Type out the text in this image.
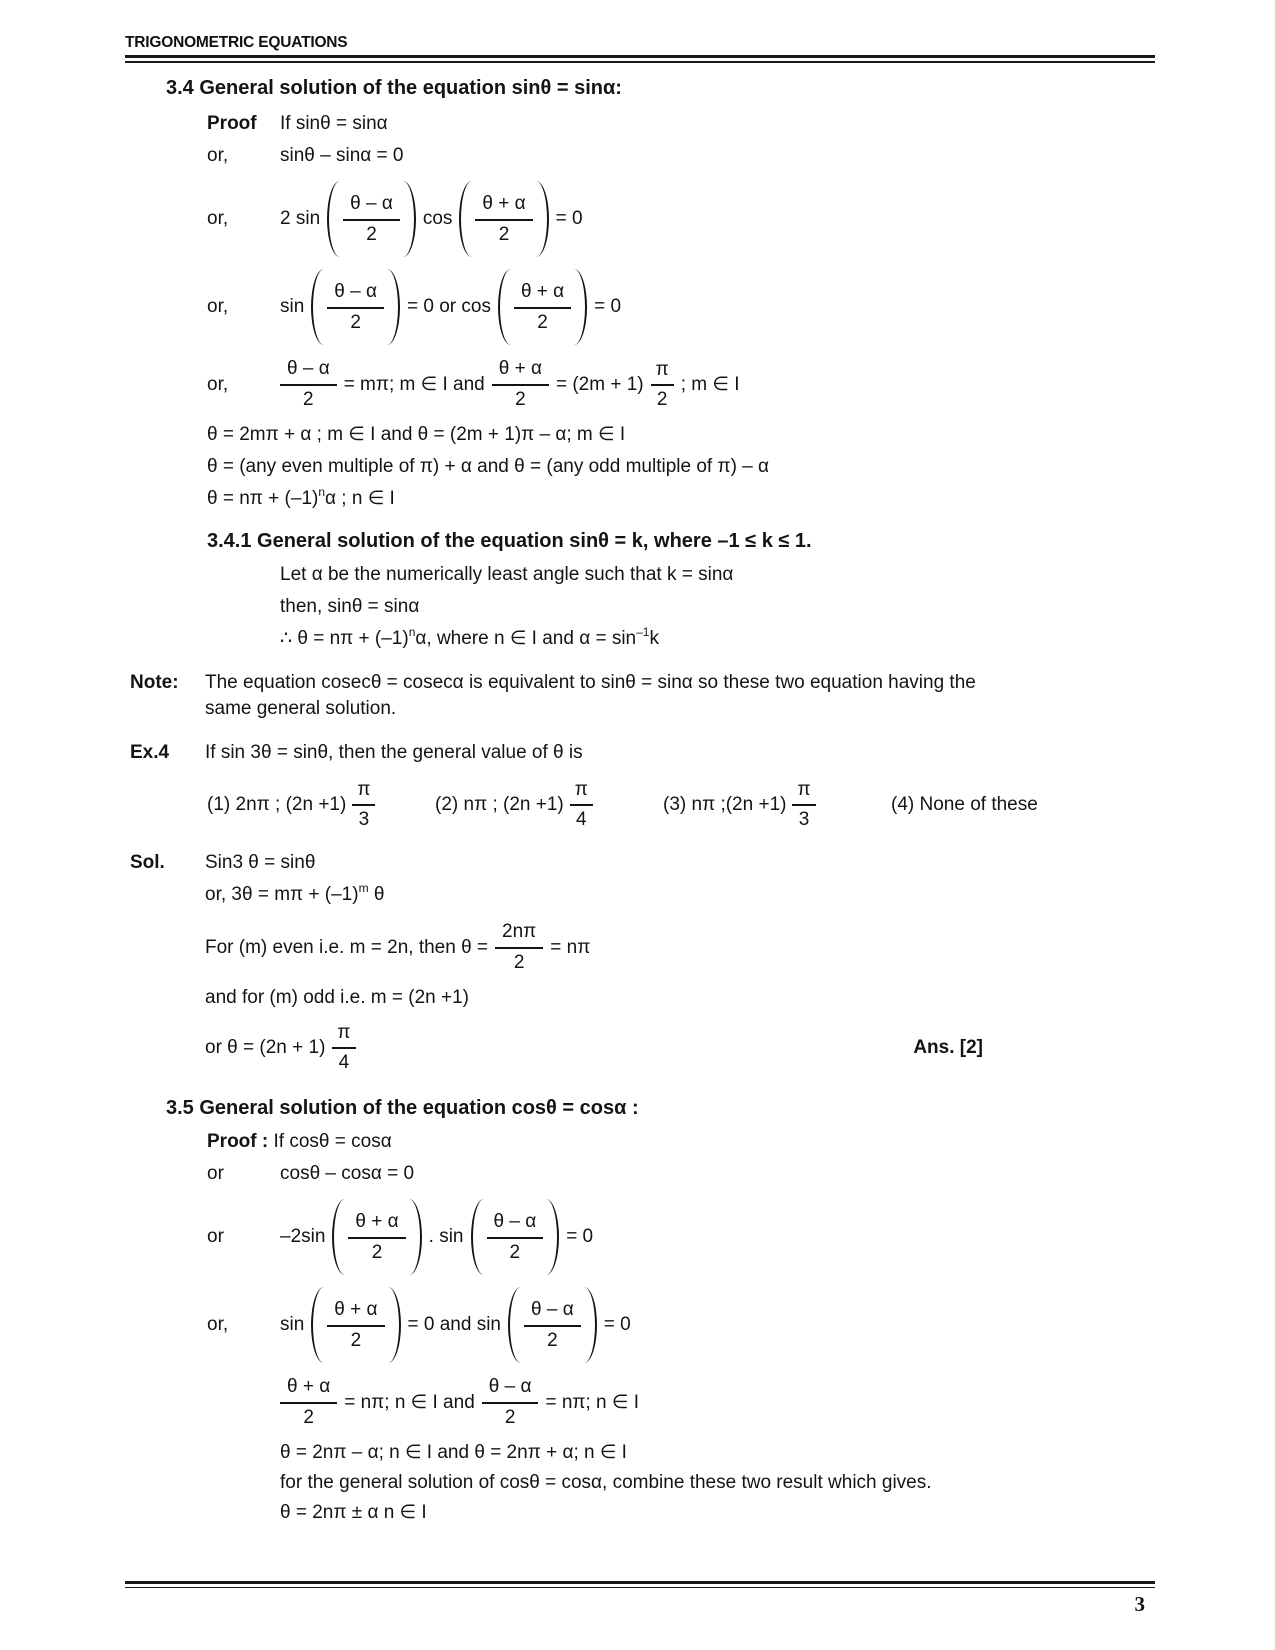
TRIGONOMETRIC EQUATIONS
3.4 General solution of the equation sinθ = sinα:
Proof	If sinθ = sinα
or,	sinθ – sinα = 0
or,	2 $\sin \frac{\theta - \alpha}{2}$ $\cos \frac{\theta + \alpha}{2} = 0$
or,	$\sin \frac{\theta - \alpha}{2} = 0$ or $\cos \frac{\theta + \alpha}{2} = 0$
or,	$\frac{\theta - \alpha}{2} = m\pi$; m ∈ I and $\frac{\theta + \alpha}{2} = (2m + 1) \frac{\pi}{2}$ ; m ∈ I
θ = 2mπ + α ; m ∈ I and θ = (2m + 1)π – α; m ∈ I
θ = (any even multiple of π) + α and θ = (any odd multiple of π) – α
$\theta = n\pi + (-1)^n\alpha$ ; n ∈ I
3.4.1 General solution of the equation sinθ = k, where –1 ≤ k ≤ 1.
Let α be the numerically least angle such that k = sinα
then, sinθ = sinα
∴ $\theta = n\pi + (-1)^n\alpha$, where n ∈ I and $\alpha = \sin^{-1}k$
Note:	The equation cosecθ = cosecα is equivalent to sinθ = sinα so these two equation having the
same general solution.
Ex.4	If sin 3θ = sinθ, then the general value of θ is
(1) 2nπ ; $(2n +1) \frac{\pi}{3}$	(2) nπ ; $(2n +1) \frac{\pi}{4}$	(3) nπ ;(2n $+1) \frac{\pi}{3}$	(4) None of these
Sol.	Sin3 θ = sinθ
or, $3\theta = m\pi + (-1)^m$ θ
For (m) even i.e. m = 2n, then $\theta = \frac{2n\pi}{2} = n\pi$
and for (m) odd i.e. m = (2n +1)
or $\theta = (2n + 1) \frac{\pi}{4}$	Ans. [2]
3.5 General solution of the equation cosθ = cosα :
Proof : If cosθ = cosα
or	cosθ – cosα = 0
or	$-2\sin \frac{\theta + \alpha}{2}$ . $\sin \frac{\theta - \alpha}{2} = 0$
or,	$\sin \frac{\theta + \alpha}{2} = 0$ and $\sin \frac{\theta - \alpha}{2} = 0$
$\frac{\theta + \alpha}{2} = n\pi$; n ∈ I and $\frac{\theta - \alpha}{2} = n\pi$; n ∈ I
θ = 2nπ – α; n ∈ I and θ = 2nπ + α; n ∈ I
for the general solution of cosθ = cosα, combine these two result which gives.
θ = 2nπ ± α n ∈ I
3
